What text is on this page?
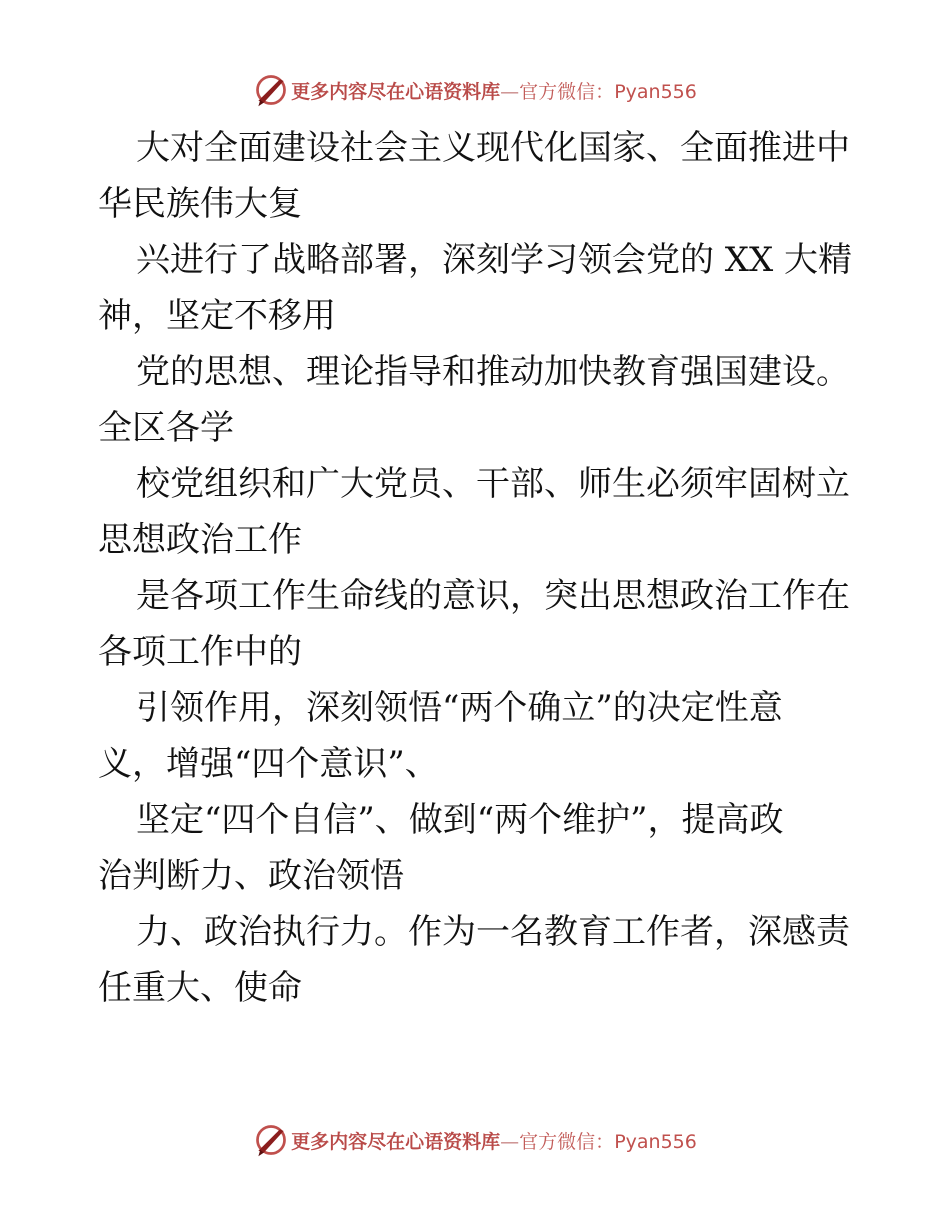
更多内容尽在心语资料库—官方微信：Pyan556
大对全面建设社会主义现代化国家、全面推进中
华民族伟大复
兴进行了战略部署，深刻学习领会党的 XX 大精
神，坚定不移用
党的思想、理论指导和推动加快教育强国建设。
全区各学
校党组织和广大党员、干部、师生必须牢固树立
思想政治工作
是各项工作生命线的意识，突出思想政治工作在
各项工作中的
引领作用，深刻领悟“两个确立”的决定性意
义，增强“四个意识”、
坚定“四个自信”、做到“两个维护”，提高政
治判断力、政治领悟
力、政治执行力。作为一名教育工作者，深感责
任重大、使命
更多内容尽在心语资料库—官方微信：Pyan556
